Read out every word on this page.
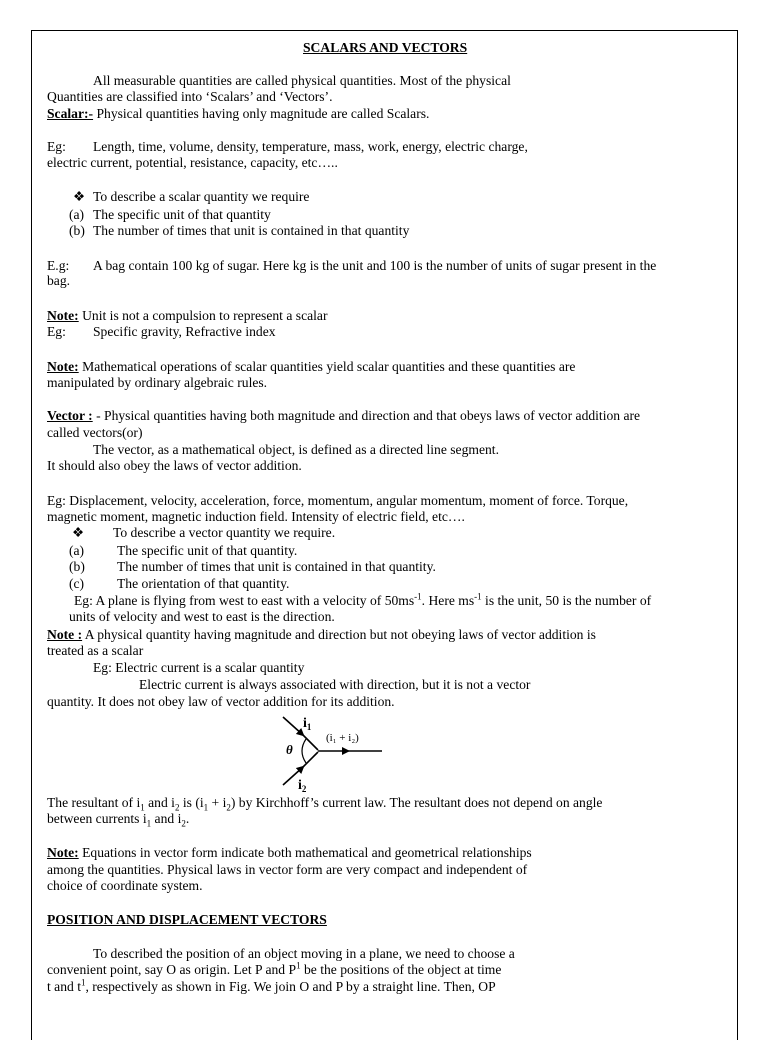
SCALARS AND VECTORS
All measurable quantities are called physical quantities. Most of the physical
Quantities are classified into ‘Scalars’ and ‘Vectors’.
Scalar:- Physical quantities having only magnitude are called Scalars.
Eg: Length, time, volume, density, temperature, mass, work, energy, electric charge,
electric current, potential, resistance, capacity, etc…..
❖ To describe a scalar quantity we require
(a) The specific unit of that quantity
(b) The number of times that unit is contained in that quantity
E.g: A bag contain 100 kg of sugar. Here kg is the unit and 100 is the number of units of sugar present in the
bag.
Note: Unit is not a compulsion to represent a scalar
Eg: Specific gravity, Refractive index
Note: Mathematical operations of scalar quantities yield scalar quantities and these quantities are
manipulated by ordinary algebraic rules.
Vector : - Physical quantities having both magnitude and direction and that obeys laws of vector addition are
called vectors(or)
The vector, as a mathematical object, is defined as a directed line segment.
It should also obey the laws of vector addition.
Eg: Displacement, velocity, acceleration, force, momentum, angular momentum, moment of force. Torque,
magnetic moment, magnetic induction field. Intensity of electric field, etc….
❖ To describe a vector quantity we require.
(a) The specific unit of that quantity.
(b) The number of times that unit is contained in that quantity.
(c) The orientation of that quantity.
Eg: A plane is flying from west to east with a velocity of $50ms^{-1}$. Here $ms^{-1}$ is the unit, 50 is the number of
units of velocity and west to east is the direction.
Note : A physical quantity having magnitude and direction but not obeying laws of vector addition is
treated as a scalar
Eg: Electric current is a scalar quantity
Electric current is always associated with direction, but it is not a vector
quantity. It does not obey law of vector addition for its addition.
θ
$i_1$
$i_2$
(i₁ + i₂)
The resultant of $i_1$ and $i_2$ is $(i_1 + i_2)$ by Kirchhoff’s current law. The resultant does not depend on angle
between currents $i_1$ and $i_2$.
Note: Equations in vector form indicate both mathematical and geometrical relationships
among the quantities. Physical laws in vector form are very compact and independent of
choice of coordinate system.
POSITION AND DISPLACEMENT VECTORS
To described the position of an object moving in a plane, we need to choose a
convenient point, say O as origin. Let P and $P^1$ be the positions of the object at time
t and $t^1$, respectively as shown in Fig. We join O and P by a straight line. Then, OP
